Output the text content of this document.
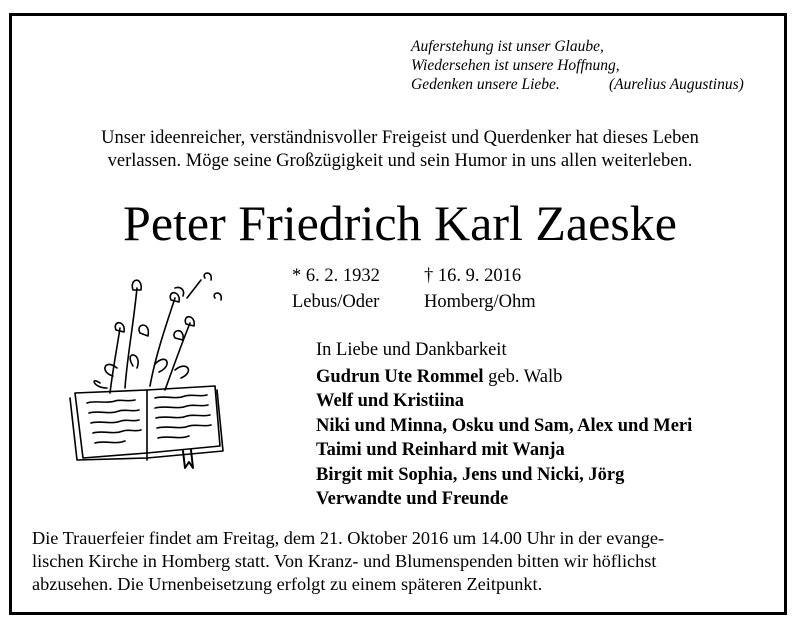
Auferstehung ist unser Glaube,
Wiedersehen ist unsere Hoffnung,
Gedenken unsere Liebe.	(Aurelius Augustinus)
Unser ideenreicher, verständnisvoller Freigeist und Querdenker hat dieses Leben
verlassen. Möge seine Großzügigkeit und sein Humor in uns allen weiterleben.
Peter Friedrich Karl Zaeske
* 6. 2. 1932
Lebus/Oder
† 16. 9. 2016
Homberg/Ohm
In Liebe und Dankbarkeit
Gudrun Ute Rommel geb. Walb
Welf und Kristiina
Niki und Minna, Osku und Sam, Alex und Meri
Taimi und Reinhard mit Wanja
Birgit mit Sophia, Jens und Nicki, Jörg
Verwandte und Freunde
Die Trauerfeier findet am Freitag, dem 21. Oktober 2016 um 14.00 Uhr in der evange-
lischen Kirche in Homberg statt. Von Kranz- und Blumenspenden bitten wir höflichst
abzusehen. Die Urnenbeisetzung erfolgt zu einem späteren Zeitpunkt.
